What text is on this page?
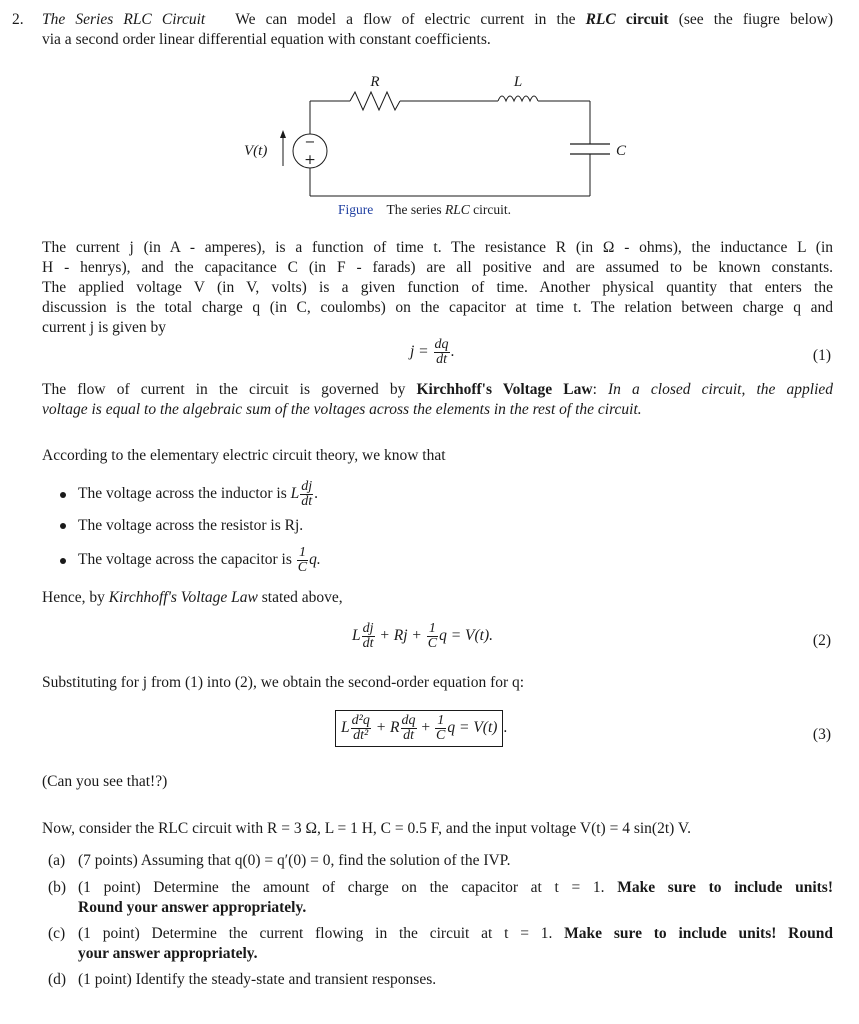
2. The Series RLC Circuit We can model a flow of electric current in the RLC circuit (see the fiugre below)
via a second order linear differential equation with constant coefficients.
−
+
R	L
C
V(t)
Figure The series RLC circuit.
The current j (in A - amperes), is a function of time t. The resistance R (in Ω - ohms), the inductance L (in
H - henrys), and the capacitance C (in F - farads) are all positive and are assumed to be known constants.
The applied voltage V (in V, volts) is a given function of time. Another physical quantity that enters the
discussion is the total charge q (in C, coulombs) on the capacitor at time t. The relation between charge q and
current j is given by
$j = \frac{dq}{dt}$ .	(1)
The flow of current in the circuit is governed by Kirchhoff's Voltage Law: In a closed circuit, the applied
voltage is equal to the algebraic sum of the voltages across the elements in the rest of the circuit.
According to the elementary electric circuit theory, we know that
The voltage across the inductor is L $\frac{dj}{dt}$ .
The voltage across the resistor is Rj.
The voltage across the capacitor is $\frac{1}{C} q$.
Hence, by Kirchhoff's Voltage Law stated above,
L $\frac{dj}{dt} + Rj + \frac{1}{C}$ q = V(t).	(2)
Substituting for j from (1) into (2), we obtain the second-order equation for q:
L $\frac{\text{d²q}}{\text{dt²}} + R \frac{dq}{dt} + \frac{1}{C}$ q = V(t) .	(3)
(Can you see that!?)
Now, consider the RLC circuit with R = 3 Ω, L = 1 H, C = 0.5 F, and the input voltage V(t) = 4 sin(2t) V.
(a) (7 points) Assuming that q(0) = q′(0) = 0, find the solution of the IVP.
(b) (1 point) Determine the amount of charge on the capacitor at t = 1. Make sure to include units!
Round your answer appropriately.
(c) (1 point) Determine the current flowing in the circuit at t = 1. Make sure to include units! Round
your answer appropriately.
(d) (1 point) Identify the steady-state and transient responses.
